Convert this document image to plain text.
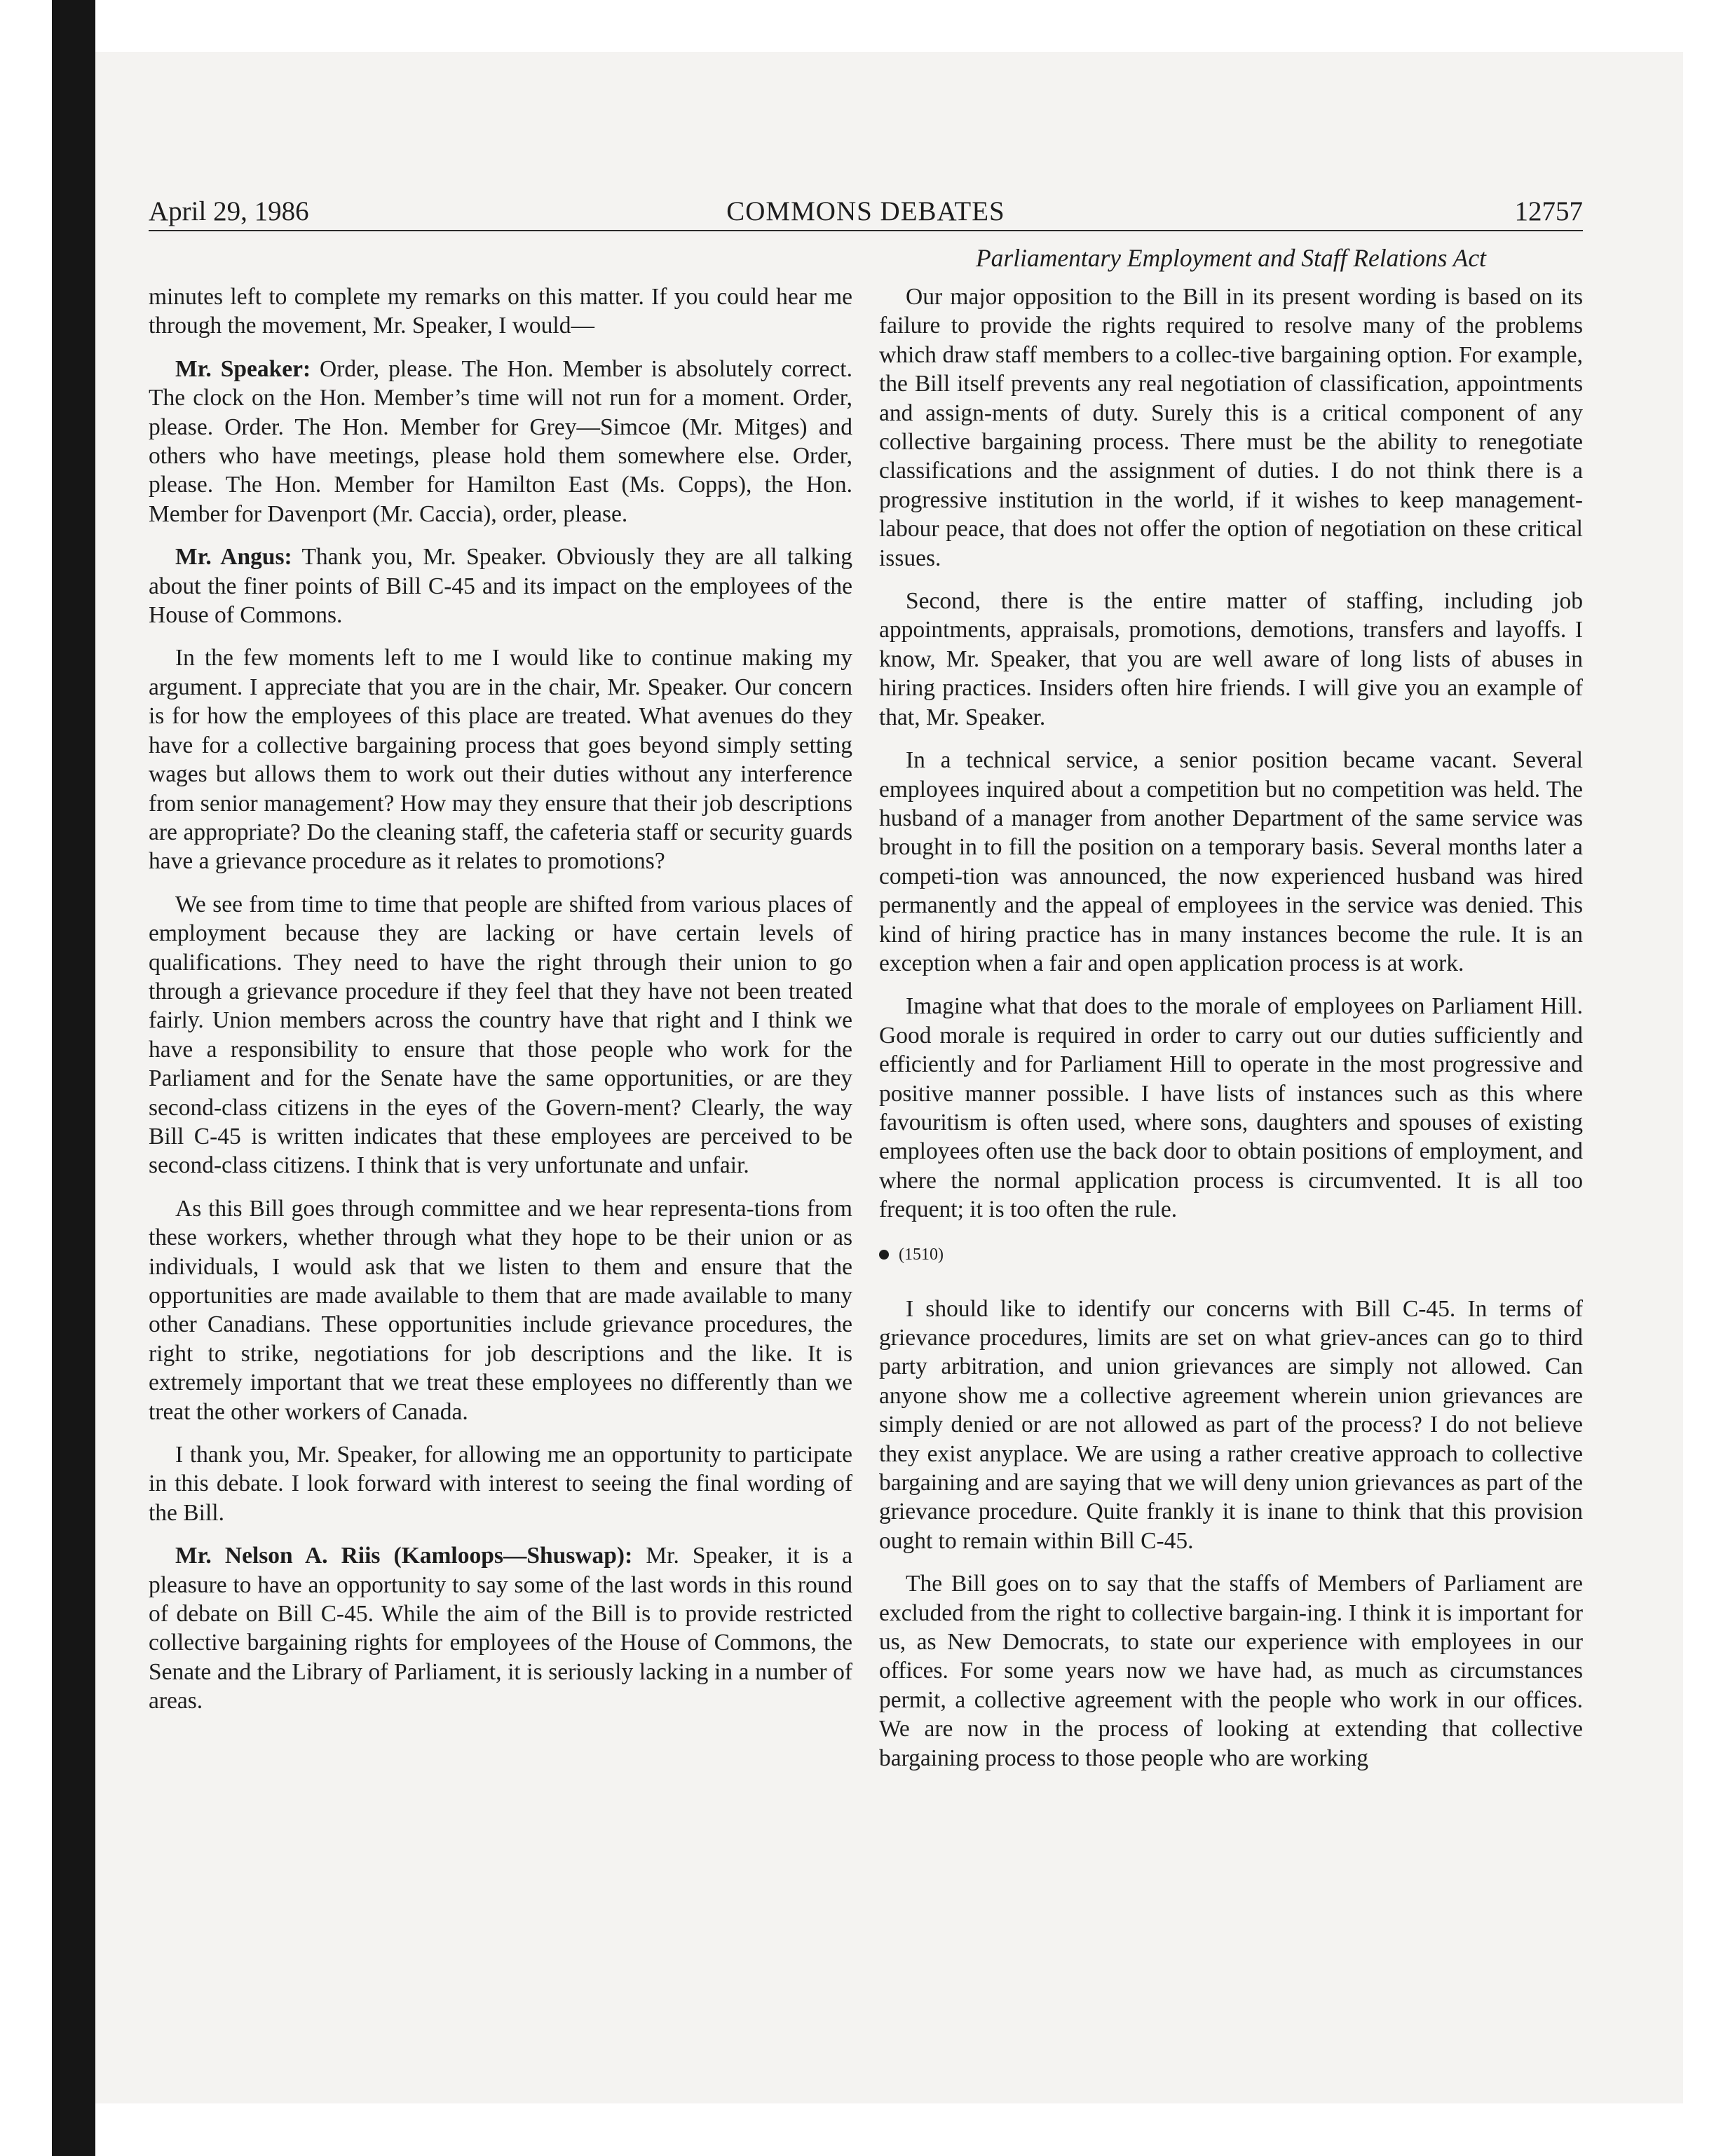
April 29, 1986	COMMONS DEBATES	12757
Parliamentary Employment and Staff Relations Act

minutes left to complete my remarks on this matter. If you could hear me through the movement, Mr. Speaker, I would—

Mr. Speaker: Order, please. The Hon. Member is absolutely correct. The clock on the Hon. Member’s time will not run for a moment. Order, please. Order. The Hon. Member for Grey—Simcoe (Mr. Mitges) and others who have meetings, please hold them somewhere else. Order, please. The Hon. Member for Hamilton East (Ms. Copps), the Hon. Member for Davenport (Mr. Caccia), order, please.

Mr. Angus: Thank you, Mr. Speaker. Obviously they are all talking about the finer points of Bill C-45 and its impact on the employees of the House of Commons.

In the few moments left to me I would like to continue making my argument. I appreciate that you are in the chair, Mr. Speaker. Our concern is for how the employees of this place are treated. What avenues do they have for a collective bargaining process that goes beyond simply setting wages but allows them to work out their duties without any interference from senior management? How may they ensure that their job descriptions are appropriate? Do the cleaning staff, the cafeteria staff or security guards have a grievance procedure as it relates to promotions?

We see from time to time that people are shifted from various places of employment because they are lacking or have certain levels of qualifications. They need to have the right through their union to go through a grievance procedure if they feel that they have not been treated fairly. Union members across the country have that right and I think we have a responsibility to ensure that those people who work for the Parliament and for the Senate have the same opportunities, or are they second-class citizens in the eyes of the Govern-ment? Clearly, the way Bill C-45 is written indicates that these employees are perceived to be second-class citizens. I think that is very unfortunate and unfair.

As this Bill goes through committee and we hear representa-tions from these workers, whether through what they hope to be their union or as individuals, I would ask that we listen to them and ensure that the opportunities are made available to them that are made available to many other Canadians. These opportunities include grievance procedures, the right to strike, negotiations for job descriptions and the like. It is extremely important that we treat these employees no differently than we treat the other workers of Canada.

I thank you, Mr. Speaker, for allowing me an opportunity to participate in this debate. I look forward with interest to seeing the final wording of the Bill.

Mr. Nelson A. Riis (Kamloops—Shuswap): Mr. Speaker, it is a pleasure to have an opportunity to say some of the last words in this round of debate on Bill C-45. While the aim of the Bill is to provide restricted collective bargaining rights for employees of the House of Commons, the Senate and the Library of Parliament, it is seriously lacking in a number of areas.

Our major opposition to the Bill in its present wording is based on its failure to provide the rights required to resolve many of the problems which draw staff members to a collec-tive bargaining option. For example, the Bill itself prevents any real negotiation of classification, appointments and assign-ments of duty. Surely this is a critical component of any collective bargaining process. There must be the ability to renegotiate classifications and the assignment of duties. I do not think there is a progressive institution in the world, if it wishes to keep management-labour peace, that does not offer the option of negotiation on these critical issues.

Second, there is the entire matter of staffing, including job appointments, appraisals, promotions, demotions, transfers and layoffs. I know, Mr. Speaker, that you are well aware of long lists of abuses in hiring practices. Insiders often hire friends. I will give you an example of that, Mr. Speaker.

In a technical service, a senior position became vacant. Several employees inquired about a competition but no competition was held. The husband of a manager from another Department of the same service was brought in to fill the position on a temporary basis. Several months later a competi-tion was announced, the now experienced husband was hired permanently and the appeal of employees in the service was denied. This kind of hiring practice has in many instances become the rule. It is an exception when a fair and open application process is at work.

Imagine what that does to the morale of employees on Parliament Hill. Good morale is required in order to carry out our duties sufficiently and efficiently and for Parliament Hill to operate in the most progressive and positive manner possible. I have lists of instances such as this where favouritism is often used, where sons, daughters and spouses of existing employees often use the back door to obtain positions of employment, and where the normal application process is circumvented. It is all too frequent; it is too often the rule.

(1510)

I should like to identify our concerns with Bill C-45. In terms of grievance procedures, limits are set on what griev-ances can go to third party arbitration, and union grievances are simply not allowed. Can anyone show me a collective agreement wherein union grievances are simply denied or are not allowed as part of the process? I do not believe they exist anyplace. We are using a rather creative approach to collective bargaining and are saying that we will deny union grievances as part of the grievance procedure. Quite frankly it is inane to think that this provision ought to remain within Bill C-45.

The Bill goes on to say that the staffs of Members of Parliament are excluded from the right to collective bargain-ing. I think it is important for us, as New Democrats, to state our experience with employees in our offices. For some years now we have had, as much as circumstances permit, a collective agreement with the people who work in our offices. We are now in the process of looking at extending that collective bargaining process to those people who are working
